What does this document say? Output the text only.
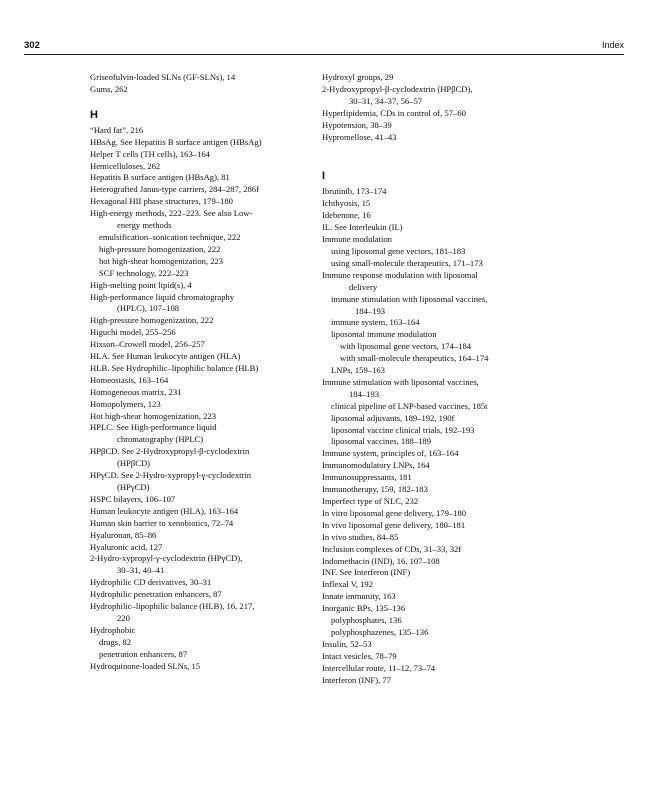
302	Index
Griseofulvin-loaded SLNs (GF-SLNs), 14
Gums, 262
H
“Hard fat”, 216
HBsAg. See Hepatitis B surface antigen (HBsAg)
Helper T cells (TH cells), 163–164
Hemicelluloses, 262
Hepatitis B surface antigen (HBsAg), 81
Heterografted Janus-type carriers, 284–287, 286f
Hexagonal HII phase structures, 179–180
High-energy methods, 222–223. See also Low-
energy methods
emulsification–sonication technique, 222
high-pressure homogenization, 222
hot high-shear homogenization, 223
SCF technology, 222–223
High-melting point lipid(s), 4
High-performance liquid chromatography
(HPLC), 107–108
High-pressure homogenization, 222
Higuchi model, 255–256
Hixson–Crowell model, 256–257
HLA. See Human leukocyte antigen (HLA)
HLB. See Hydrophilic–lipophilic balance (HLB)
Homeostasis, 163–164
Homogeneous matrix, 231
Homopolymers, 123
Hot high-shear homogenization, 223
HPLC. See High-performance liquid
chromatography (HPLC)
HPβCD. See 2-Hydroxypropyl-β-cyclodextrin
(HPβCD)
HPγCD. See 2-Hydro-xypropyl-γ-cyclodextrin
(HPγCD)
HSPC bilayers, 106–107
Human leukocyte antigen (HLA), 163–164
Human skin barrier to xenobiotics, 72–74
Hyaluronan, 85–86
Hyaluronic acid, 127
2-Hydro-xypropyl-γ-cyclodextrin (HPγCD),
30–31, 40–41
Hydrophilic CD derivatives, 30–31
Hydrophilic penetration enhancers, 87
Hydrophilic–lipophilic balance (HLB), 16, 217,
220
Hydrophobic
drugs, 82
penetration enhancers, 87
Hydroquinone-loaded SLNs, 15
Hydroxyl groups, 29
2-Hydroxypropyl-β-cyclodextrin (HPβCD),
30–31, 34–37, 56–57
Hyperlipidemia, CDs in control of, 57–60
Hypotension, 38–39
Hypromellose, 41–43
I
Ibrutinib, 173–174
Ichthyosis, 15
Idebenone, 16
IL. See Interleukin (IL)
Immune modulation
using liposomal gene vectors, 181–183
using small-molecule therapeutics, 171–173
Immune response modulation with liposomal
delivery
immune stimulation with liposomal vaccines,
184–193
immune system, 163–164
liposomal immune modulation
with liposomal gene vectors, 174–184
with small-molecule therapeutics, 164–174
LNPs, 159–163
Immune stimulation with liposomal vaccines,
184–193
clinical pipeline of LNP-based vaccines, 185t
liposomal adjuvants, 189–192, 190f
liposomal vaccine clinical trials, 192–193
liposomal vaccines, 188–189
Immune system, principles of, 163–164
Immunomodulatory LNPs, 164
Immunosuppressants, 181
Immunotherapy, 159, 182–183
Imperfect type of NLC, 232
In vitro liposomal gene delivery, 179–180
In vivo liposomal gene delivery, 180–181
In vivo studies, 84–85
Inclusion complexes of CDs, 31–33, 32f
Indomethacin (IND), 16, 107–108
INF. See Interferon (INF)
Inflexal V, 192
Innate immunity, 163
Inorganic BPs, 135–136
polyphosphates, 136
polyphosphazenes, 135–136
Insulin, 52–53
Intact vesicles, 78–79
Intercellular route, 11–12, 73–74
Interferon (INF), 77
